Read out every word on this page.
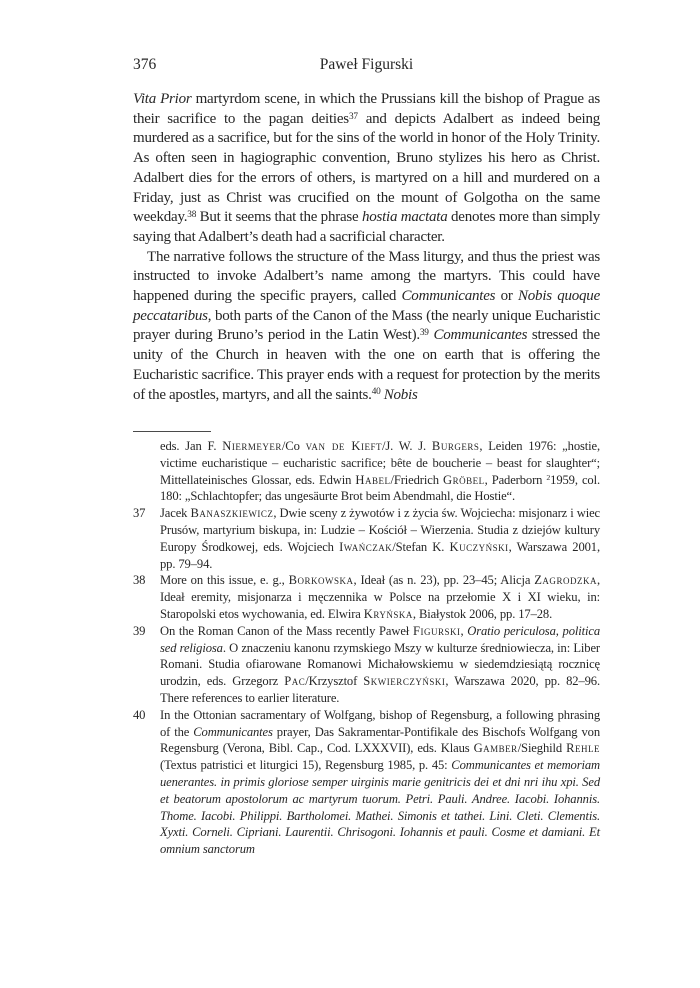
376	Paweł Figurski

Vita Prior martyrdom scene, in which the Prussians kill the bishop of Prague as their sacrifice to the pagan deities$^{37}$ and depicts Adalbert as indeed being murdered as a sacrifice, but for the sins of the world in honor of the Holy Trinity. As often seen in hagiographic convention, Bruno stylizes his hero as Christ. Adalbert dies for the errors of others, is martyred on a hill and murdered on a Friday, just as Christ was crucified on the mount of Golgotha on the same weekday.$^{38}$ But it seems that the phrase hostia mactata denotes more than simply saying that Adalbert’s death had a sacrificial character.

The narrative follows the structure of the Mass liturgy, and thus the priest was instructed to invoke Adalbert’s name among the martyrs. This could have happened during the specific prayers, called Communicantes or Nobis quoque peccataribus, both parts of the Canon of the Mass (the nearly unique Eucharistic prayer during Bruno’s period in the Latin West).$^{39}$ Communicantes stressed the unity of the Church in heaven with the one on earth that is offering the Eucharistic sacrifice. This prayer ends with a request for protection by the merits of the apostles, martyrs, and all the saints.$^{40}$ Nobis

eds. Jan F. Niermeyer/Co van de Kieft/J. W. J. Burgers, Leiden 1976: „hostie, victime eucharistique – eucharistic sacrifice; bête de boucherie – beast for slaughter“; Mittellateinisches Glossar, eds. Edwin Habel/Friedrich Gröbel, Paderborn $^2$1959, col. 180: „Schlachtopfer; das ungesäurte Brot beim Abendmahl, die Hostie“.

37 Jacek Banaszkiewicz, Dwie sceny z żywotów i z życia św. Wojciecha: misjonarz i wiec Prusów, martyrium biskupa, in: Ludzie – Kościół – Wierzenia. Studia z dziejów kultury Europy Środkowej, eds. Wojciech Iwańczak/Stefan K. Kuczyński, Warszawa 2001, pp. 79–94.
38 More on this issue, e. g., Borkowska, Ideał (as n. 23), pp. 23–45; Alicja Zagrodzka, Ideał eremity, misjonarza i męczennika w Polsce na przełomie X i XI wieku, in: Staropolski etos wychowania, ed. Elwira Kryńska, Białystok 2006, pp. 17–28.
39 On the Roman Canon of the Mass recently Paweł Figurski, Oratio periculosa, politica sed religiosa. O znaczeniu kanonu rzymskiego Mszy w kulturze średniowiecza, in: Liber Romani. Studia ofiarowane Romanowi Michałowskiemu w siedemdziesiątą rocznicę urodzin, eds. Grzegorz Pac/Krzysztof Skwierczyński, Warszawa 2020, pp. 82–96. There references to earlier literature.
40 In the Ottonian sacramentary of Wolfgang, bishop of Regensburg, a following phrasing of the Communicantes prayer, Das Sakramentar-Pontifikale des Bischofs Wolfgang von Regensburg (Verona, Bibl. Cap., Cod. LXXXVII), eds. Klaus Gamber/Sieghild Rehle (Textus patristici et liturgici 15), Regensburg 1985, p. 45: Communicantes et memoriam uenerantes. in primis gloriose semper uirginis marie genitricis dei et dni nri ihu xpi. Sed et beatorum apostolorum ac martyrum tuorum. Petri. Pauli. Andree. Iacobi. Iohannis. Thome. Iacobi. Philippi. Bartholomei. Mathei. Simonis et tathei. Lini. Cleti. Clementis. Xyxti. Corneli. Cipriani. Laurentii. Chrisogoni. Iohannis et pauli. Cosme et damiani. Et omnium sanctorum
